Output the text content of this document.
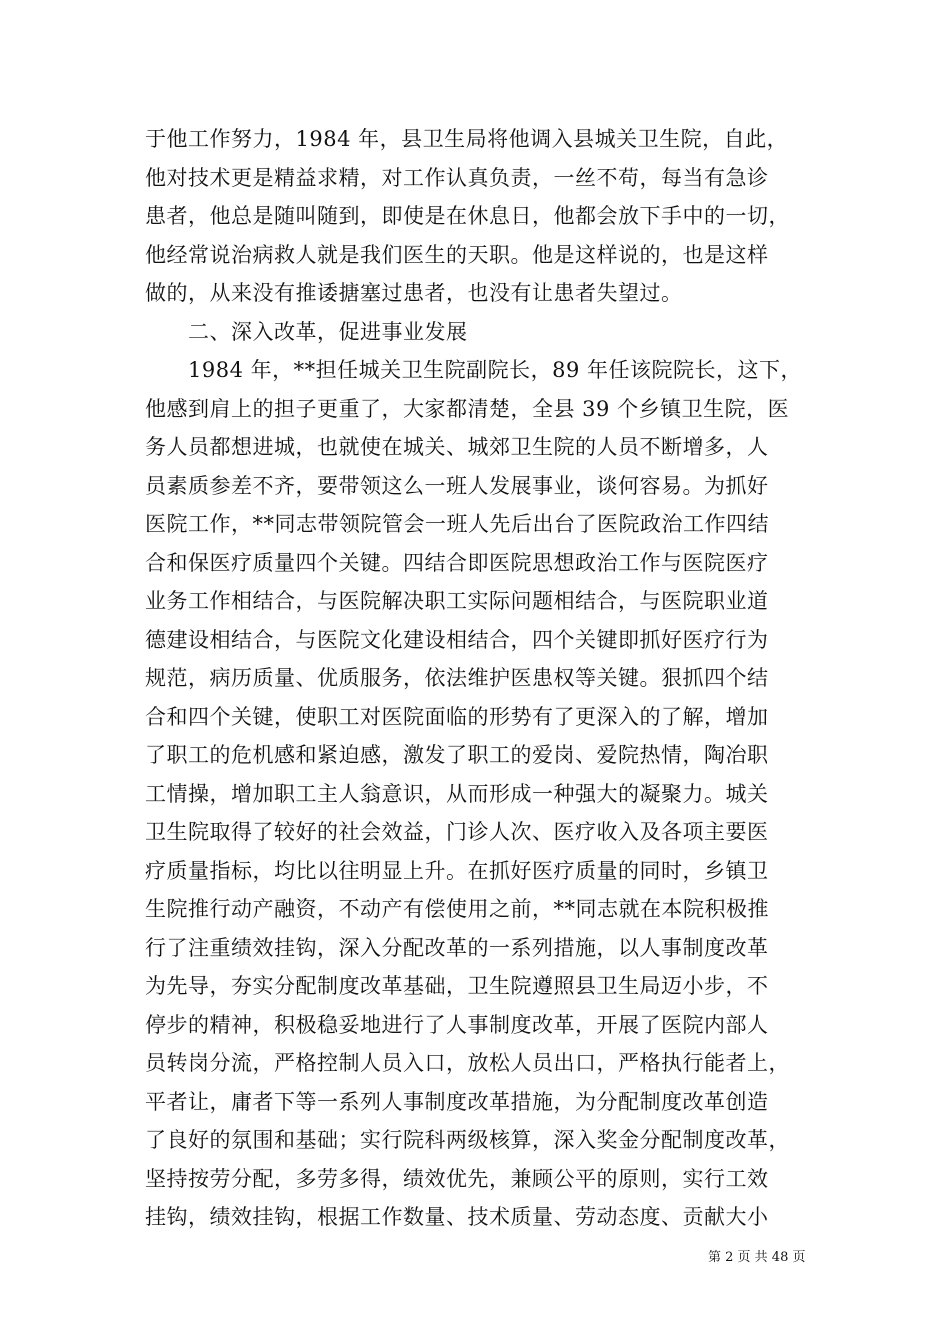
于他工作努力，1984 年，县卫生局将他调入县城关卫生院，自此，
他对技术更是精益求精，对工作认真负责，一丝不苟，每当有急诊
患者，他总是随叫随到，即使是在休息日，他都会放下手中的一切，
他经常说治病救人就是我们医生的天职。他是这样说的，也是这样
做的，从来没有推诿搪塞过患者，也没有让患者失望过。
　　二、深入改革，促进事业发展
　　1984 年，**担任城关卫生院副院长，89 年任该院院长，这下，
他感到肩上的担子更重了，大家都清楚，全县 39 个乡镇卫生院，医
务人员都想进城，也就使在城关、城郊卫生院的人员不断增多，人
员素质参差不齐，要带领这么一班人发展事业，谈何容易。为抓好
医院工作，**同志带领院管会一班人先后出台了医院政治工作四结
合和保医疗质量四个关键。四结合即医院思想政治工作与医院医疗
业务工作相结合，与医院解决职工实际问题相结合，与医院职业道
德建设相结合，与医院文化建设相结合，四个关键即抓好医疗行为
规范，病历质量、优质服务，依法维护医患权等关键。狠抓四个结
合和四个关键，使职工对医院面临的形势有了更深入的了解，增加
了职工的危机感和紧迫感，激发了职工的爱岗、爱院热情，陶冶职
工情操，增加职工主人翁意识，从而形成一种强大的凝聚力。城关
卫生院取得了较好的社会效益，门诊人次、医疗收入及各项主要医
疗质量指标，均比以往明显上升。在抓好医疗质量的同时，乡镇卫
生院推行动产融资，不动产有偿使用之前，**同志就在本院积极推
行了注重绩效挂钩，深入分配改革的一系列措施，以人事制度改革
为先导，夯实分配制度改革基础，卫生院遵照县卫生局迈小步，不
停步的精神，积极稳妥地进行了人事制度改革，开展了医院内部人
员转岗分流，严格控制人员入口，放松人员出口，严格执行能者上，
平者让，庸者下等一系列人事制度改革措施，为分配制度改革创造
了良好的氛围和基础；实行院科两级核算，深入奖金分配制度改革，
坚持按劳分配，多劳多得，绩效优先，兼顾公平的原则，实行工效
挂钩，绩效挂钩，根据工作数量、技术质量、劳动态度、贡献大小
第 2 页 共 48 页
